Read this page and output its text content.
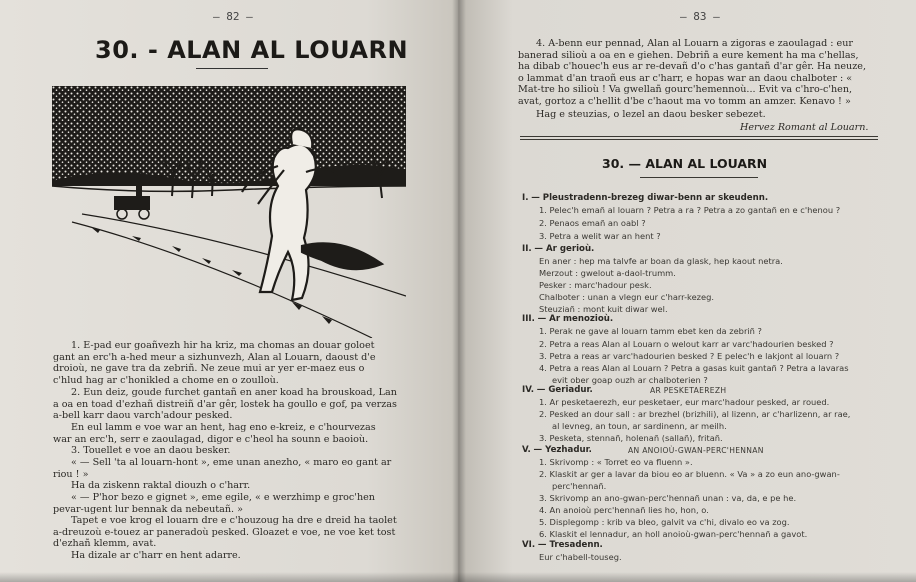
— 82 —
30. - ALAN AL LOUARN

1. E-pad eur goañvezh hir ha kriz, ma chomas an douar goloet gant an erc'h a-hed meur a sizhunvezh, Alan al Louarn, daoust d'e droioù, ne gave tra da zebriñ. Ne zeue mui ar yer er-maez eus o c'hlud hag ar c'honikled a chome en o zoulloù.

2. Eun deiz, goude furchet gantañ en aner koad ha brouskoad, Lan a oa en toad d'ezhañ distreiñ d'ar gêr, lostek ha goullo e gof, pa verzas a-bell karr daou varch'adour pesked.

En eul lamm e voe war an hent, hag eno e-kreiz, e c'hourvezas war an erc'h, serr e zaoulagad, digor e c'heol ha sounn e baoioù.

3. Touellet e voe an daou besker.

« — Sell 'ta al louarn-hont », eme unan anezho, « maro eo gant ar riou ! »

Ha da ziskenn raktal diouzh o c'harr.

« — P'hor bezo e gignet », eme egile, « e werzhimp e groc'hen pevar-ugent lur bennak da nebeutañ. »

Tapet e voe krog el louarn dre e c'houzoug ha dre e dreid ha taolet a-dreuzoù e-touez ar paneradoù pesked. Gloazet e voe, ne voe ket tost d'ezhañ klemm, avat.

Ha dizale ar c'harr en hent adarre.

— 83 —

4. A-benn eur pennad, Alan al Louarn a zigoras e zaoulagad : eur banerad silioù a oa en e giehen. Debriñ a eure kement ha ma c'hellas, ha dibab c'houec'h eus ar re-devañ d'o c'has gantañ d'ar gêr. Ha neuze, o lammat d'an traoñ eus ar c'harr, e hopas war an daou chalboter : « Mat-tre ho silioù ! Va gwellañ gourc'hemennoù... Evit va c'hro-c'hen, avat, gortoz a c'hellit d'be c'haout ma vo tomm an amzer. Kenavo ! »

Hag e steuzias, o lezel an daou besker sebezet.

Hervez Romant al Louarn.
30. — ALAN AL LOUARN
I. — Pleustradenn-brezeg diwar-benn ar skeudenn.
1. Pelec'h emañ al louarn ? Petra a ra ? Petra a zo gantañ en e c'henou ?
2. Penaos emañ an oabl ?
3. Petra a welit war an hent ?
II. — Ar gerioù.
En aner : hep ma talvfe ar boan da glask, hep kaout netra.
Merzout : gwelout a-daol-trumm.
Pesker : marc'hadour pesk.
Chalboter : unan a vlegn eur c'harr-kezeg.
Steuziañ : mont kuit diwar wel.
III. — Ar menozioù.
1. Perak ne gave al louarn tamm ebet ken da zebriñ ?
2. Petra a reas Alan al Louarn o welout karr ar varc'hadourien besked ?
3. Petra a reas ar varc'hadourien besked ? E pelec'h e lakjont al louarn ?
4. Petra a reas Alan al Louarn ? Petra a gasas kuit gantañ ? Petra a lavaras
evit ober goap ouzh ar chalboterien ?
IV. — Geriadur.	AR PESKETAEREZH
1. Ar pesketaerezh, eur pesketaer, eur marc'hadour pesked, ar roued.
2. Pesked an dour sall : ar brezhel (brizhili), al lizenn, ar c'harlizenn, ar rae,
al levneg, an toun, ar sardinenn, ar meilh.
3. Pesketa, stennañ, holenañ (sallañ), fritañ.
V. — Yezhadur.	AN ANOIOÙ-GWAN-PERC'HENNAN
1. Skrivomp : « Torret eo va fluenn ».
2. Klaskit ar ger a lavar da biou eo ar bluenn. « Va » a zo eun ano-gwan-
perc'hennañ.
3. Skrivomp an ano-gwan-perc'hennañ unan : va, da, e pe he.
4. An anoioù perc'hennañ lies ho, hon, o.
5. Displegomp : krib va bleo, galvit va c'hi, divalo eo va zog.
6. Klaskit el lennadur, an holl anoioù-gwan-perc'hennañ a gavot.
VI. — Tresadenn.
Eur c'habell-touseg.
